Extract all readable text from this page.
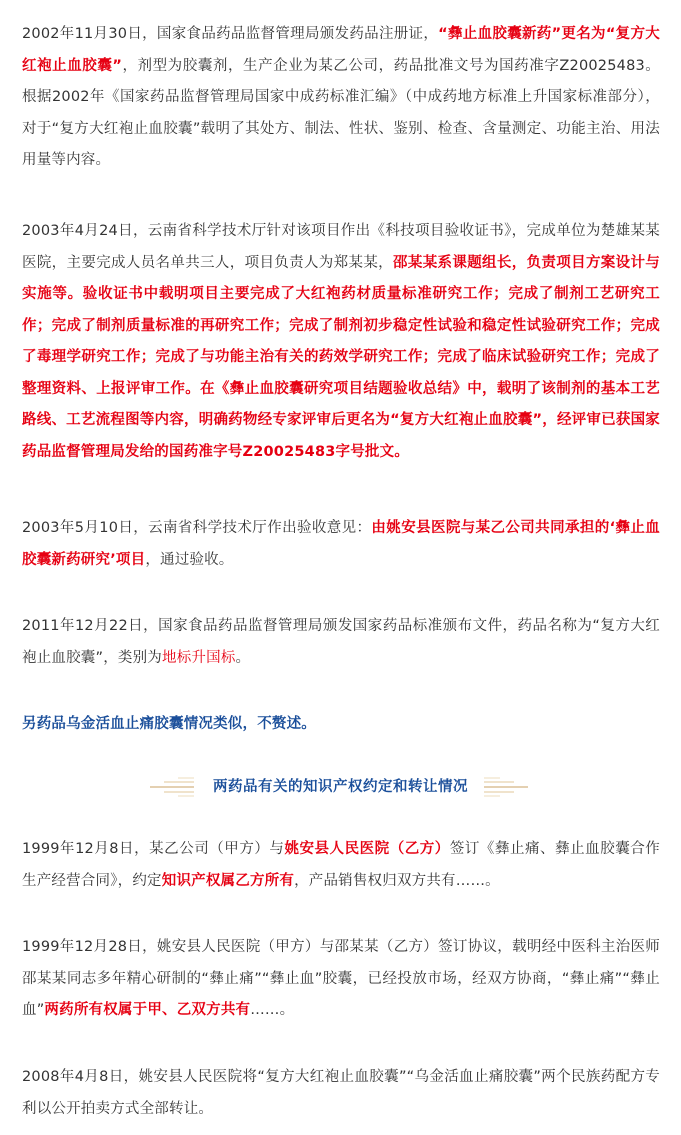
2002年11月30日，国家食品药品监督管理局颁发药品注册证，“彝止血胶囊新药”更名为“复方大红袍止血胶囊”，剂型为胶囊剂，生产企业为某乙公司，药品批准文号为国药准字Z20025483。根据2002年《国家药品监督管理局国家中成药标准汇编》（中成药地方标准上升国家标准部分），对于“复方大红袍止血胶囊”载明了其处方、制法、性状、鉴别、检查、含量测定、功能主治、用法用量等内容。

2003年4月24日，云南省科学技术厅针对该项目作出《科技项目验收证书》，完成单位为楚雄某某医院，主要完成人员名单共三人，项目负责人为郑某某，邵某某系课题组长，负责项目方案设计与实施等。验收证书中载明项目主要完成了大红袍药材质量标准研究工作；完成了制剂工艺研究工作；完成了制剂质量标准的再研究工作；完成了制剂初步稳定性试验和稳定性试验研究工作；完成了毒理学研究工作；完成了与功能主治有关的药效学研究工作；完成了临床试验研究工作；完成了整理资料、上报评审工作。在《彝止血胶囊研究项目结题验收总结》中，载明了该制剂的基本工艺路线、工艺流程图等内容，明确药物经专家评审后更名为“复方大红袍止血胶囊”，经评审已获国家药品监督管理局发给的国药准字号Z20025483字号批文。

2003年5月10日，云南省科学技术厅作出验收意见：由姚安县医院与某乙公司共同承担的‘彝止血胶囊新药研究’项目，通过验收。

2011年12月22日，国家食品药品监督管理局颁发国家药品标准颁布文件，药品名称为“复方大红袍止血胶囊”，类别为地标升国标。

另药品乌金活血止痛胶囊情况类似，不赘述。

两药品有关的知识产权约定和转让情况

1999年12月8日，某乙公司（甲方）与姚安县人民医院（乙方）签订《彝止痛、彝止血胶囊合作生产经营合同》，约定知识产权属乙方所有，产品销售权归双方共有……。

1999年12月28日，姚安县人民医院（甲方）与邵某某（乙方）签订协议，载明经中医科主治医师邵某某同志多年精心研制的“彝止痛”“彝止血”胶囊，已经投放市场，经双方协商，“彝止痛”“彝止血”两药所有权属于甲、乙双方共有……。

2008年4月8日，姚安县人民医院将“复方大红袍止血胶囊”“乌金活血止痛胶囊”两个民族药配方专利以公开拍卖方式全部转让。
